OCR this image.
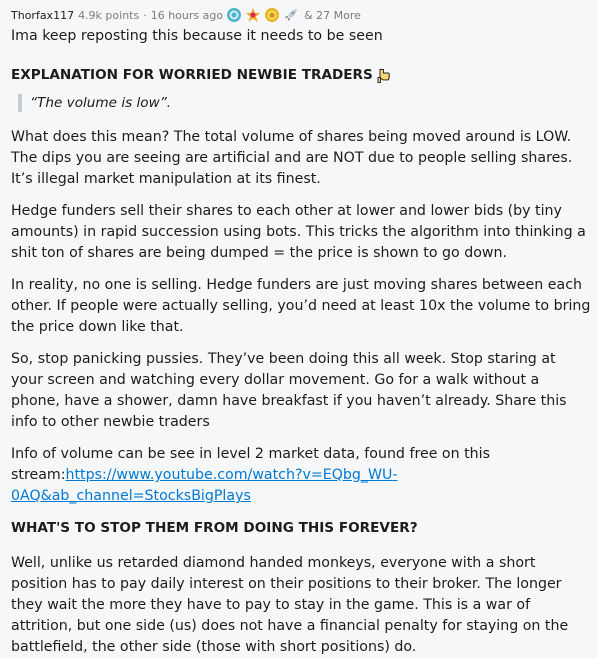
Thorfax117 4.9k points · 16 hours ago	& 27 More

Ima keep reposting this because it needs to be seen

EXPLANATION FOR WORRIED NEWBIE TRADERS
“The volume is low”.

What does this mean? The total volume of shares being moved around is LOW. The dips you are seeing are artificial and are NOT due to people selling shares. It’s illegal market manipulation at its finest.

Hedge funders sell their shares to each other at lower and lower bids (by tiny amounts) in rapid succession using bots. This tricks the algorithm into thinking a shit ton of shares are being dumped = the price is shown to go down.

In reality, no one is selling. Hedge funders are just moving shares between each other. If people were actually selling, you’d need at least 10x the volume to bring the price down like that.

So, stop panicking pussies. They’ve been doing this all week. Stop staring at your screen and watching every dollar movement. Go for a walk without a phone, have a shower, damn have breakfast if you haven’t already. Share this info to other newbie traders

Info of volume can be see in level 2 market data, found free on this stream:https://www.youtube.com/watch?v=EQbg_WU-0AQ&ab_channel=StocksBigPlays

WHAT'S TO STOP THEM FROM DOING THIS FOREVER?

Well, unlike us retarded diamond handed monkeys, everyone with a short position has to pay daily interest on their positions to their broker. The longer they wait the more they have to pay to stay in the game. This is a war of attrition, but one side (us) does not have a financial penalty for staying on the battlefield, the other side (those with short positions) do.
